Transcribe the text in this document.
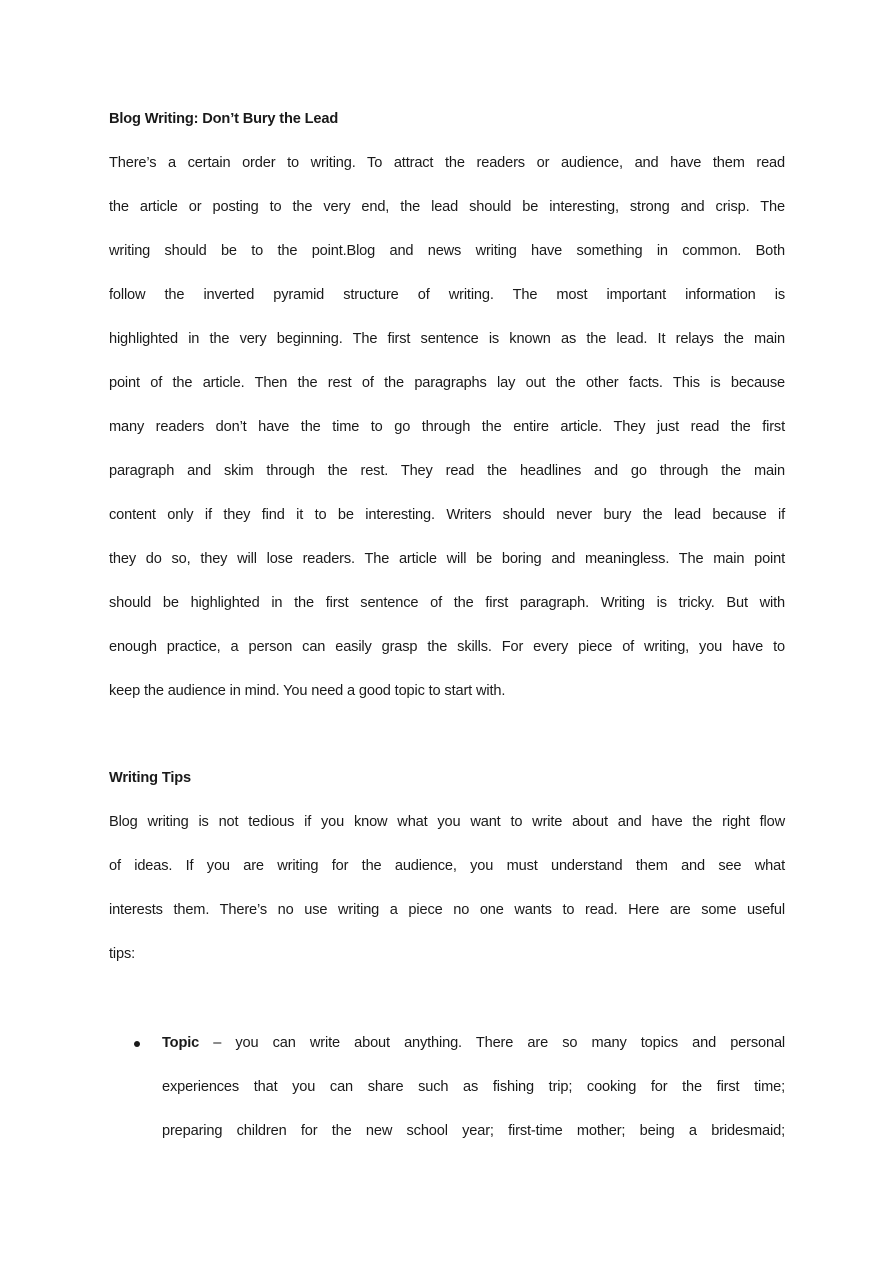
Blog Writing: Don’t Bury the Lead
There’s a certain order to writing. To attract the readers or audience, and have them read
the article or posting to the very end, the lead should be interesting, strong and crisp. The
writing should be to the point.Blog and news writing have something in common. Both
follow the inverted pyramid structure of writing. The most important information is
highlighted in the very beginning. The first sentence is known as the lead. It relays the main
point of the article. Then the rest of the paragraphs lay out the other facts. This is because
many readers don’t have the time to go through the entire article. They just read the first
paragraph and skim through the rest. They read the headlines and go through the main
content only if they find it to be interesting. Writers should never bury the lead because if
they do so, they will lose readers. The article will be boring and meaningless. The main point
should be highlighted in the first sentence of the first paragraph. Writing is tricky. But with
enough practice, a person can easily grasp the skills. For every piece of writing, you have to
keep the audience in mind. You need a good topic to start with.
Writing Tips
Blog writing is not tedious if you know what you want to write about and have the right flow
of ideas. If you are writing for the audience, you must understand them and see what
interests them. There’s no use writing a piece no one wants to read. Here are some useful
tips:
Topic – you can write about anything. There are so many topics and personal
experiences that you can share such as fishing trip; cooking for the first time;
preparing children for the new school year; first-time mother; being a bridesmaid;
